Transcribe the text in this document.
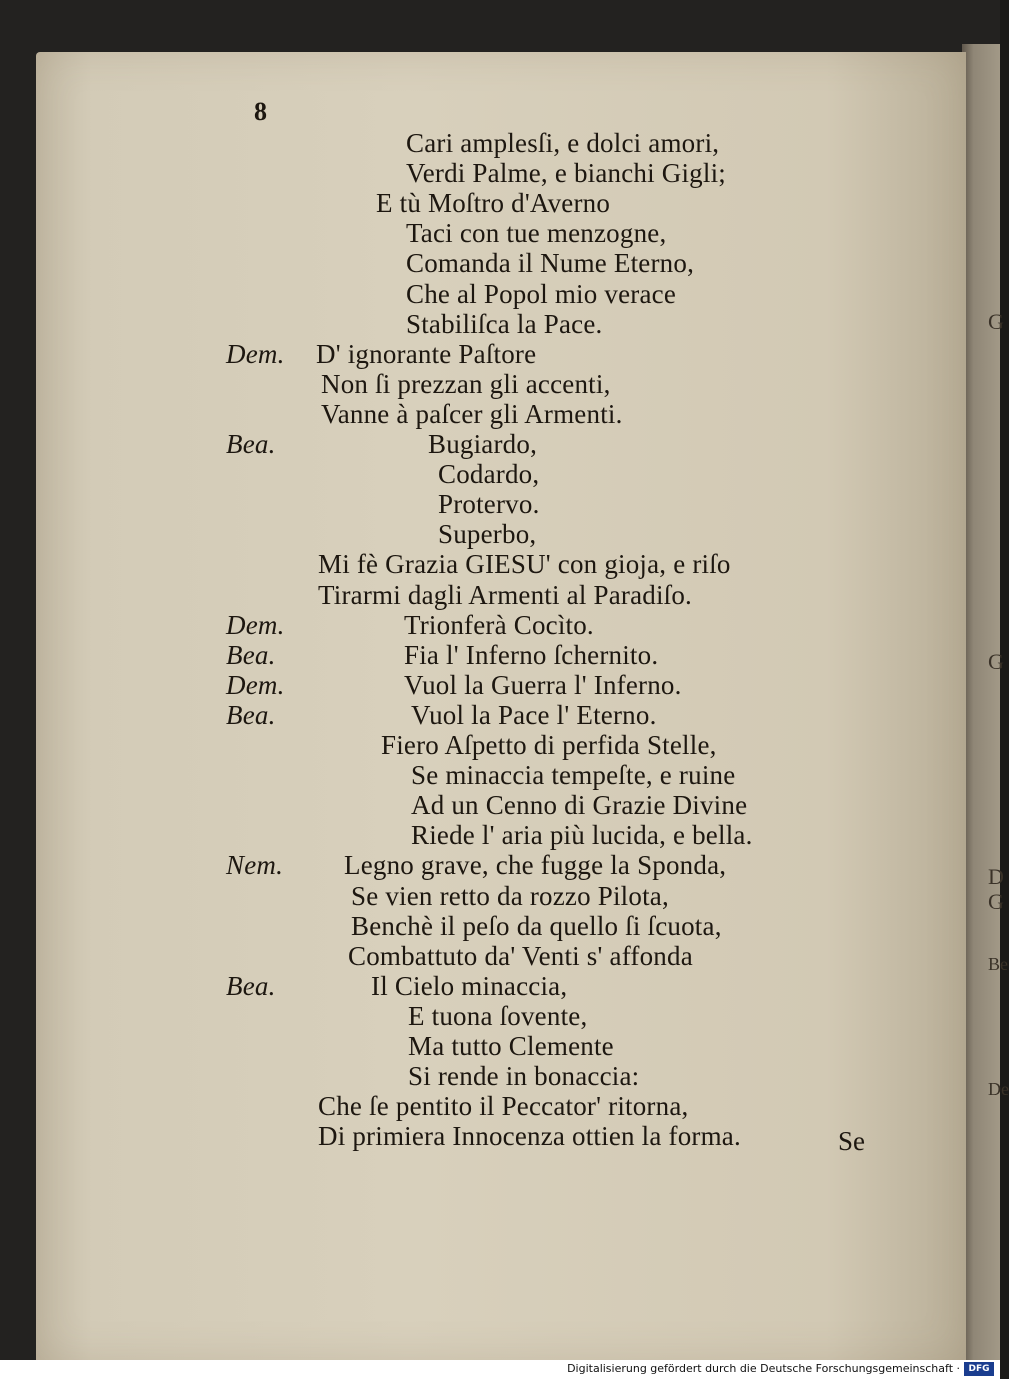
G
G
D
G
Be
De
8
Cari amplesſi, e dolci amori,
Verdi Palme, e bianchi Gigli;
E tù Moſtro d'Averno
Taci con tue menzogne,
Comanda il Nume Eterno,
Che al Popol mio verace
Stabiliſca la Pace.
Dem. D' ignorante Paſtore
Non ſi prezzan gli accenti,
Vanne à paſcer gli Armenti.
Bea.	Bugiardo,
Codardo,
Protervo.
Superbo,
Mi fè Grazia GIESU' con gioja, e riſo
Tirarmi dagli Armenti al Paradiſo.
Dem.	Trionferà Cocìto.
Bea.	Fia l' Inferno ſchernito.
Dem.	Vuol la Guerra l' Inferno.
Bea.	Vuol la Pace l' Eterno.
Fiero Aſpetto di perfida Stelle,
Se minaccia tempeſte, e ruine
Ad un Cenno di Grazie Divine
Riede l' aria più lucida, e bella.
Nem. Legno grave, che fugge la Sponda,
Se vien retto da rozzo Pilota,
Benchè il peſo da quello ſi ſcuota,
Combattuto da' Venti s' affonda
Bea.	Il Cielo minaccia,
E tuona ſovente,
Ma tutto Clemente
Si rende in bonaccia:
Che ſe pentito il Peccator' ritorna,
Di primiera Innocenza ottien la forma.	Se
Digitalisierung gefördert durch die Deutsche Forschungsgemeinschaft · DFG
